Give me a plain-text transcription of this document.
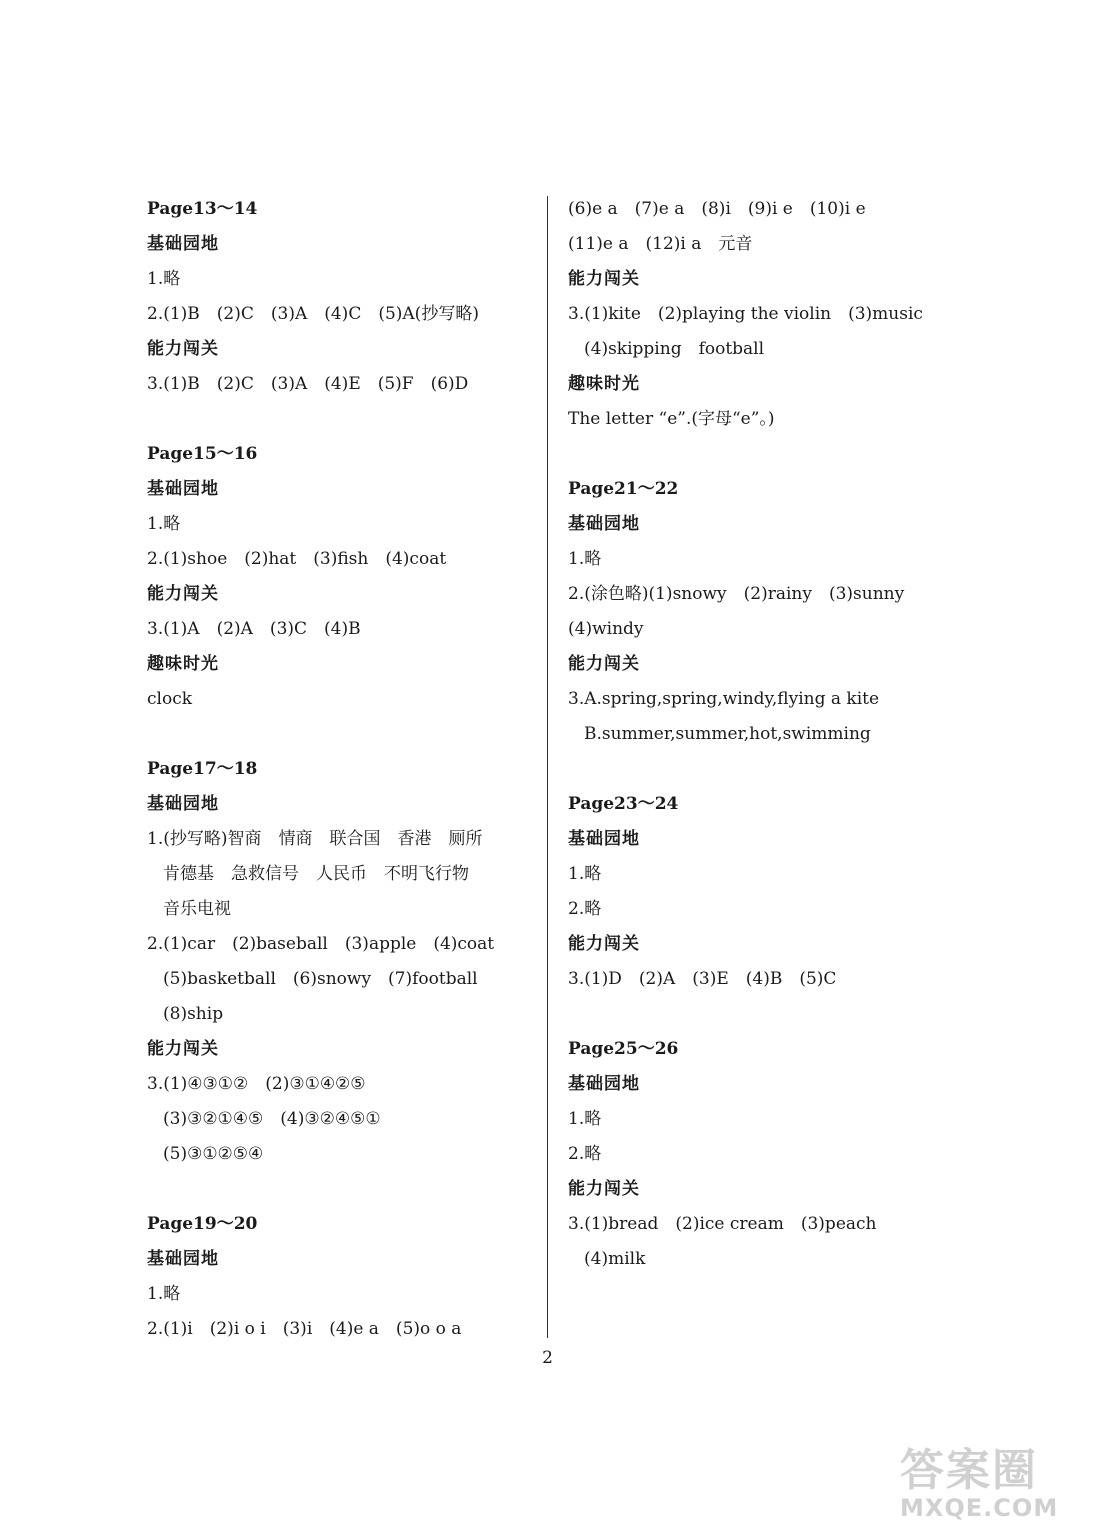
Page13～14
基础园地
1.略
2.(1)B　(2)C　(3)A　(4)C　(5)A(抄写略)
能力闯关
3.(1)B　(2)C　(3)A　(4)E　(5)F　(6)D
Page15～16
基础园地
1.略
2.(1)shoe　(2)hat　(3)fish　(4)coat
能力闯关
3.(1)A　(2)A　(3)C　(4)B
趣味时光
clock
Page17～18
基础园地
1.(抄写略)智商　情商　联合国　香港　厕所
肯德基　急救信号　人民币　不明飞行物
音乐电视
2.(1)car　(2)baseball　(3)apple　(4)coat
(5)basketball　(6)snowy　(7)football
(8)ship
能力闯关
3.(1)④③①②　(2)③①④②⑤
(3)③②①④⑤　(4)③②④⑤①
(5)③①②⑤④
Page19～20
基础园地
1.略
2.(1)i　(2)i o i　(3)i　(4)e a　(5)o o a
(6)e a　(7)e a　(8)i　(9)i e　(10)i e
(11)e a　(12)i a　元音
能力闯关
3.(1)kite　(2)playing the violin　(3)music
(4)skipping　football
趣味时光
The letter “e”.(字母“e”。)
Page21～22
基础园地
1.略
2.(涂色略)(1)snowy　(2)rainy　(3)sunny
(4)windy
能力闯关
3.A.spring,spring,windy,flying a kite
B.summer,summer,hot,swimming
Page23～24
基础园地
1.略
2.略
能力闯关
3.(1)D　(2)A　(3)E　(4)B　(5)C
Page25～26
基础园地
1.略
2.略
能力闯关
3.(1)bread　(2)ice cream　(3)peach
(4)milk
2
答案圈
MXQE.COM
